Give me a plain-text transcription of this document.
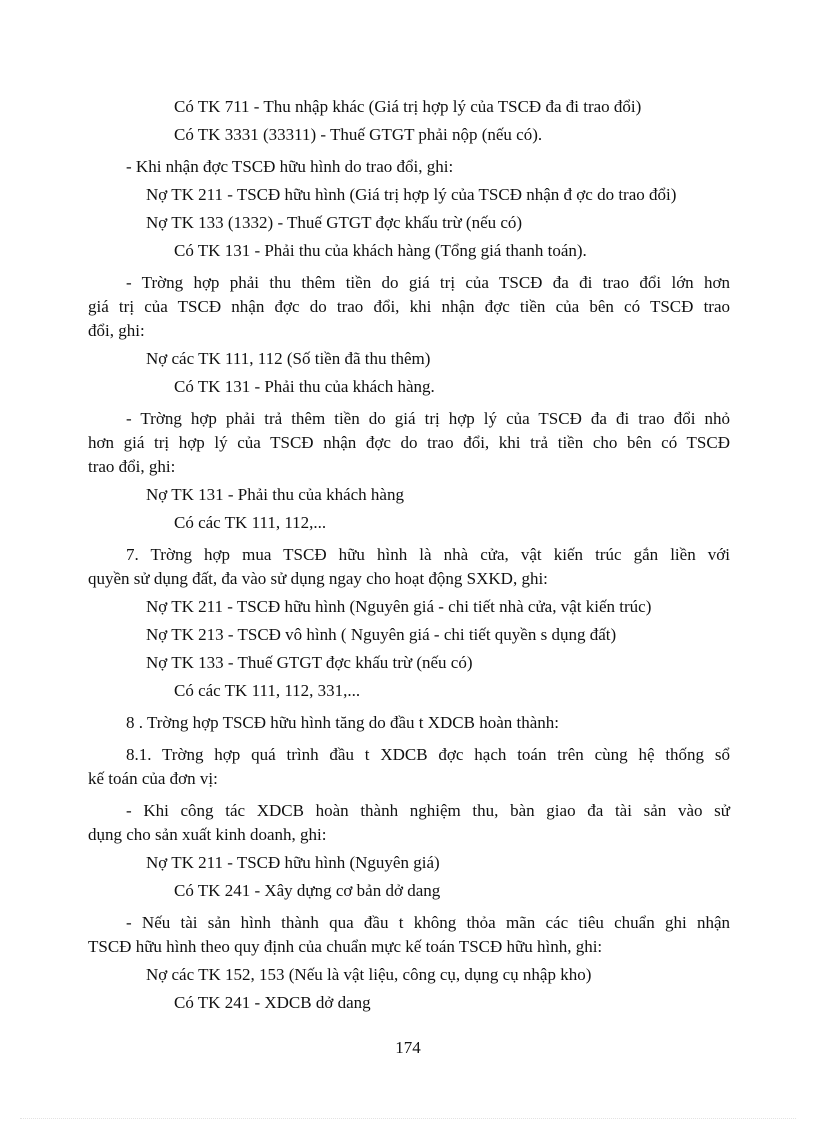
Có TK 711 - Thu nhập khác (Giá trị hợp lý của TSCĐ đa đi trao đổi)
Có TK 3331 (33311) - Thuế GTGT phải nộp (nếu có).
- Khi nhận đợc TSCĐ hữu hình do trao đổi, ghi:
Nợ TK 211 - TSCĐ hữu hình (Giá trị hợp lý của TSCĐ nhận đ ợc do trao đổi)
Nợ TK 133 (1332) - Thuế GTGT đợc khấu trừ (nếu có)
Có TK 131 - Phải thu của khách hàng (Tổng giá thanh toán).
- Trờng hợp phải thu thêm tiền do giá trị của TSCĐ đa đi trao đổi lớn hơn
giá trị của TSCĐ nhận đợc do trao đổi, khi nhận đợc tiền của bên có TSCĐ trao
đổi, ghi:
Nợ các TK 111, 112 (Số tiền đã thu thêm)
Có TK 131 - Phải thu của khách hàng.
- Trờng hợp phải trả thêm tiền do giá trị hợp lý của TSCĐ đa đi trao đổi nhỏ
hơn giá trị hợp lý của TSCĐ nhận đợc do trao đổi, khi trả tiền cho bên có TSCĐ
trao đổi, ghi:
Nợ TK 131 - Phải thu của khách hàng
Có các TK 111, 112,...
7. Trờng hợp mua TSCĐ hữu hình là nhà cửa, vật kiến trúc gắn liền với
quyền sử dụng đất, đa vào sử dụng ngay cho hoạt động SXKD, ghi:
Nợ TK 211 - TSCĐ hữu hình (Nguyên giá - chi tiết nhà cửa, vật kiến trúc)
Nợ TK 213 - TSCĐ vô hình ( Nguyên giá - chi tiết quyền s dụng đất)
Nợ TK 133 - Thuế GTGT đợc khấu trừ (nếu có)
Có các TK 111, 112, 331,...
8 . Trờng hợp TSCĐ hữu hình tăng do đầu t XDCB hoàn thành:
8.1. Trờng hợp quá trình đầu t XDCB đợc hạch toán trên cùng hệ thống sổ
kế toán của đơn vị:
- Khi công tác XDCB hoàn thành nghiệm thu, bàn giao đa tài sản vào sử
dụng cho sản xuất kinh doanh, ghi:
Nợ TK 211 - TSCĐ hữu hình (Nguyên giá)
Có TK 241 - Xây dựng cơ bản dở dang
- Nếu tài sản hình thành qua đầu t không thỏa mãn các tiêu chuẩn ghi nhận
TSCĐ hữu hình theo quy định của chuẩn mực kế toán TSCĐ hữu hình, ghi:
Nợ các TK 152, 153 (Nếu là vật liệu, công cụ, dụng cụ nhập kho)
Có TK 241 - XDCB dở dang
174
